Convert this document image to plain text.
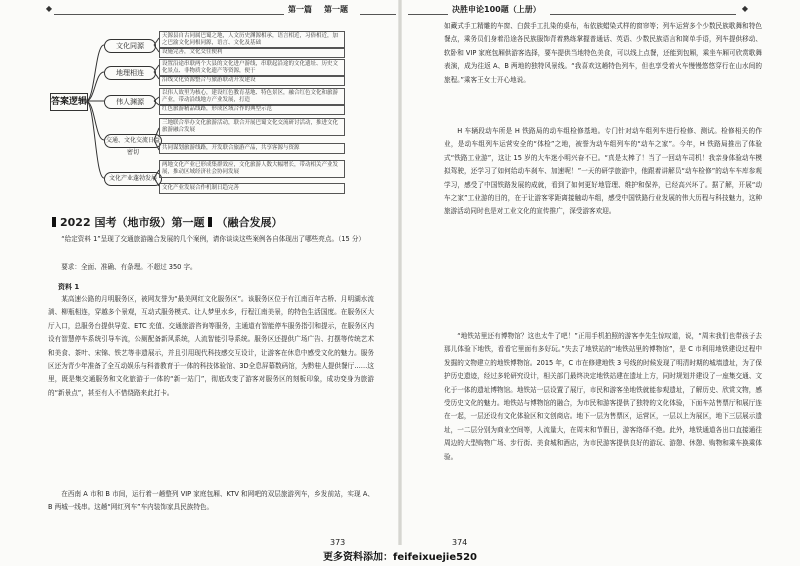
◆	第一篇 第一题
答案逻辑
文化同源
天源县自古同属巴蜀之地，人文历史渊源相承，语言相近，习俗相近，加之巴渝文化同根同源，语言、文化及基础
设施完善，文化交往便利
地理相连
设置沿途串联两个大县的文化进户游线，串联起沿途的文化遗址、历史文化景点、非物质文化遗产等资源，便于
沿线文化资源整合与旅游联动开发建设
伟人渊源
以伟人故里为核心，建设红色教育基地、特色景区，融合红色文化和旅游产业，带动沿线地方产业发展，打造
红色旅游精品线路，形成区域合作的典型示范
交通、文化交流日益密切
三地联合举办文化旅游活动，联合开展巴蜀文化交流研讨活动，推进文化旅游融合发展
共同谋划旅游线路，开发联合旅游产品，共享客源与资源
文化产业蓬勃发展
两地文化产业已形成集群效应，文化旅游人数大幅增长，带动相关产业发展，推动区域经济社会协同发展
文化产业发展合作机制日趋完善
2022 国考（地市级）第一题 （融合发展）

“给定资料 1”呈现了交通旅游融合发展的几个案例，请你谈谈这些案例各自体现出了哪些亮点。（15 分）

要求：全面、准确、有条理。不超过 350 字。

资料 1

某高速公路的月明服务区，被网友誉为“最美网红文化服务区”。该服务区位于有江南百年古桥、月明湖水流淌、柳瓶相连，穿越多个景观，互动式服务模式、让人梦里水乡，行程江南美景，的特色生活国度。在服务区大厅入口，总服务台提供导览、ETC 充值、交通旅游咨询等服务，主通道有智能停车服务指引和提示，在服务区内设有智慧停车系统引导车流，公厕配备新风系统，人流智能引导系统。服务区还提供广场广告、打摆等传统艺术和美食、茶叶、宋锦、铁艺等非遗展示，并且引用现代科技感交互设计，让游客在休息中感受文化的魅力。服务区还为青少年准备了全互动娱乐与科普教育于一体的科技体验馆、3D全息屏幕数码馆，为黔桂人提供餐厅……这里，既是集交通服务和文化旅游于一体的“新一站门”，彻底改变了游客对服务区的刻板印象，成功变身为旅游的“新景点”，甚至有人不惜绕路来此打卡。

在西南 A 市和 B 市间，运行着一趟整列 VIP 家庭包厢、KTV 和网吧的双层旅游列车，乡发前站，实现 A、B 两城一线串。这趟“网红列车”车内装饰家具民族特色。

373
决胜申论100题（上册）	◆

如藏式手工精雕的车窗、白鼓手工扎染的桌布，布依族蜡染式样的窗帘等；列车运营多个少数民族歌舞和特色餐点，乘务员们身着沿途各民族服饰背着熟练掌握普通话、英语、少数民族语言和简单手语，列车提供移动、软卧和 VIP 家庭包厢供游客选择，要车提供当地特色美食，可以线上点餐，还能到包厢，乘坐车厢可欣赏歌舞表演，成为往返 A、B 两地的独特风景线。“我喜欢这趟特色列车，但也享受着火车慢慢悠悠穿行在山水间的旅程。”乘客王女士开心地说。

H 车辆段动车所是 H 铁路局的动车组检修基地。专门针对动车组列车进行检修、测试。检修相关的作业，是动车组列车运营安全的“体检”之地，被誉为动车组列车的“动车之家”。今年，H 铁路局推出了体验式“铁路工业游”，这让 15 岁的大车迷小明兴奋不已。“真是太棒了！当了一回动车司机！我亲身体验动车模拟驾驶，还学习了如何给动车刹车、加速呢！”一天的研学旅游中，他跟着讲解员“动车检修”的动车车库参观学习，感受了中国铁路发展的成就，看到了如何更好地管理、维护和保养，已经高兴坏了。据了解，开展“动车之家”工业游的目的，在于让游客零距离接触动车组，感受中国铁路行业发展的伟大历程与科技魅力，这种旅游活动同时也是对工业文化的宣传推广，深受游客欢迎。

“地铁站里还有博物馆？这也太牛了吧！”正用手机拍照的游客李先生惊叹道，说，“周末我们也带孩子去那儿体验下地铁，看看它里面有多好玩。”失去了地铁站的“地铁站里的博物馆”，是 C 市利用地铁建设过程中发掘的文物建立的地铁博物馆。2015 年，C 市在修建地铁 3 号线的时候发现了明清时期的城墙遗址，为了保护历史遗迹，经过多轮研究设计，相关部门最终决定地铁站建在遗址上方，同时规划并建设了一座集交通、文化于一体的遗址博物馆。地铁站一层设置了展厅，市民和游客坐地铁就能参观遗址，了解历史、欣赏文物，感受历史文化的魅力。地铁站与博物馆的融合，为市民和游客提供了独特的文化体验，下面车站售票厅和展厅连在一起，一层还设有文化体验区和文创商店。地下一层为售票区，运营区，一层以上为展区，地下三层展示遗址，一二层分别为商业空间等，人流量大，在周末和节假日，游客络绎不绝。此外，地铁通道各出口直接通往周边的大型购物广场、步行街、美食城和酒店，为市民游客提供良好的游玩、游憩、休憩、购物和乘车换乘体验。

374
更多资料添加：feifeixuejie520
